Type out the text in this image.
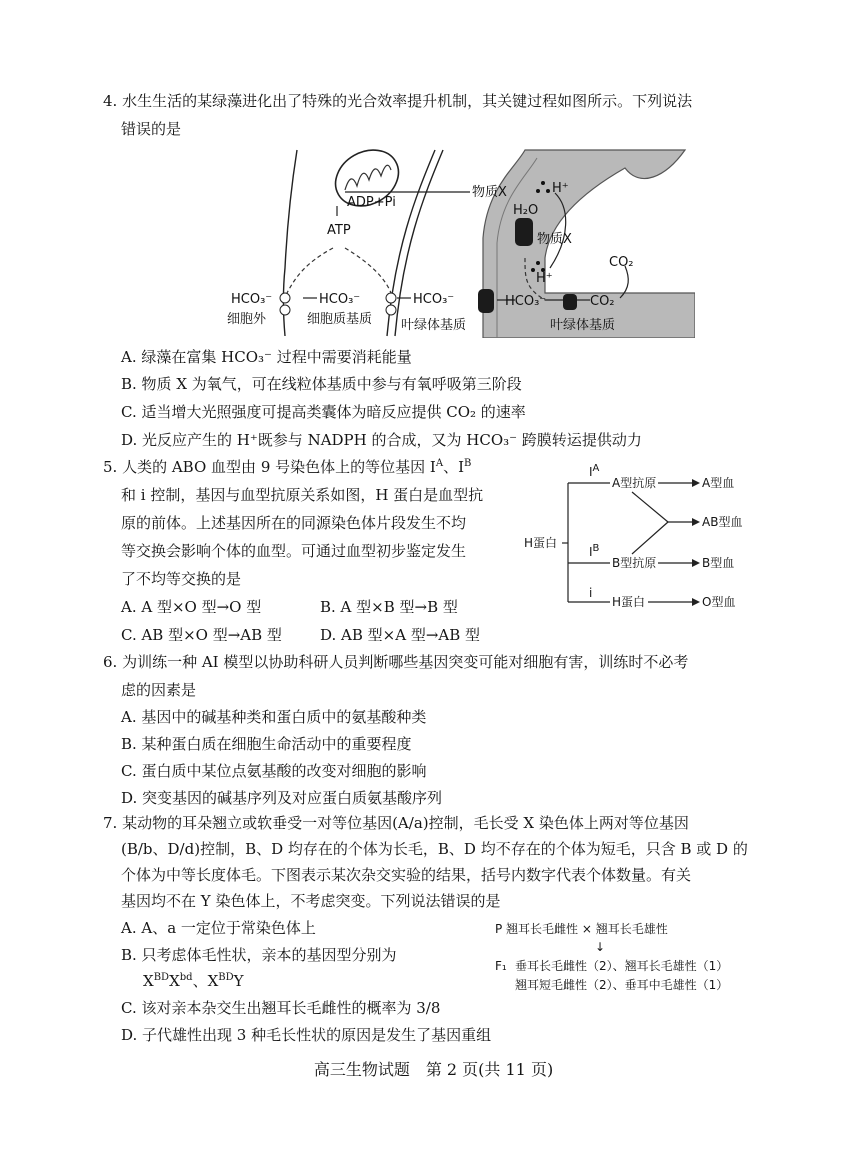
4. 水生生活的某绿藻进化出了特殊的光合效率提升机制，其关键过程如图所示。下列说法
错误的是
物质X
ADP+Pi
ATP
HCO₃⁻	HCO₃⁻	HCO₃⁻
细胞外	细胞质基质 叶绿体基质
H₂O
H⁺
物质X
H⁺
CO₂
HCO₃⁻	CO₂
叶绿体基质
A. 绿藻在富集 HCO₃⁻ 过程中需要消耗能量
B. 物质 X 为氧气，可在线粒体基质中参与有氧呼吸第三阶段
C. 适当增大光照强度可提高类囊体为暗反应提供 CO₂ 的速率
D. 光反应产生的 H⁺既参与 NADPH 的合成，又为 HCO₃⁻ 跨膜转运提供动力
5. 人类的 ABO 血型由 9 号染色体上的等位基因 $I^A$、$I^B$
和 i 控制，基因与血型抗原关系如图，H 蛋白是血型抗
原的前体。上述基因所在的同源染色体片段发生不均
等交换会影响个体的血型。可通过血型初步鉴定发生
了不均等交换的是
A. A 型×O 型→O 型	B. A 型×B 型→B 型
C. AB 型×O 型→AB 型	D. AB 型×A 型→AB 型
$I^A$
A型抗原	A型血
AB型血
H蛋白
$I^B$
B型抗原	B型血
i
H蛋白	O型血
6. 为训练一种 AI 模型以协助科研人员判断哪些基因突变可能对细胞有害，训练时不必考
虑的因素是
A. 基因中的碱基种类和蛋白质中的氨基酸种类
B. 某种蛋白质在细胞生命活动中的重要程度
C. 蛋白质中某位点氨基酸的改变对细胞的影响
D. 突变基因的碱基序列及对应蛋白质氨基酸序列
7. 某动物的耳朵翘立或软垂受一对等位基因(A/a)控制，毛长受 X 染色体上两对等位基因
(B/b、D/d)控制，B、D 均存在的个体为长毛，B、D 均不存在的个体为短毛，只含 B 或 D 的
个体为中等长度体毛。下图表示某次杂交实验的结果，括号内数字代表个体数量。有关
基因均不在 Y 染色体上，不考虑突变。下列说法错误的是
A. A、a 一定位于常染色体上
B. 只考虑体毛性状，亲本的基因型分别为
$X^{BD}X^{bd}$、$X^{BD}Y$
C. 该对亲本杂交生出翘耳长毛雌性的概率为 3/8
D. 子代雄性出现 3 种毛长性状的原因是发生了基因重组
P 翘耳长毛雌性 × 翘耳长毛雄性
↓
F₁ 垂耳长毛雌性（2）、翘耳长毛雄性（1）
翘耳短毛雌性（2）、垂耳中毛雄性（1）
高三生物试题　第 2 页(共 11 页)
